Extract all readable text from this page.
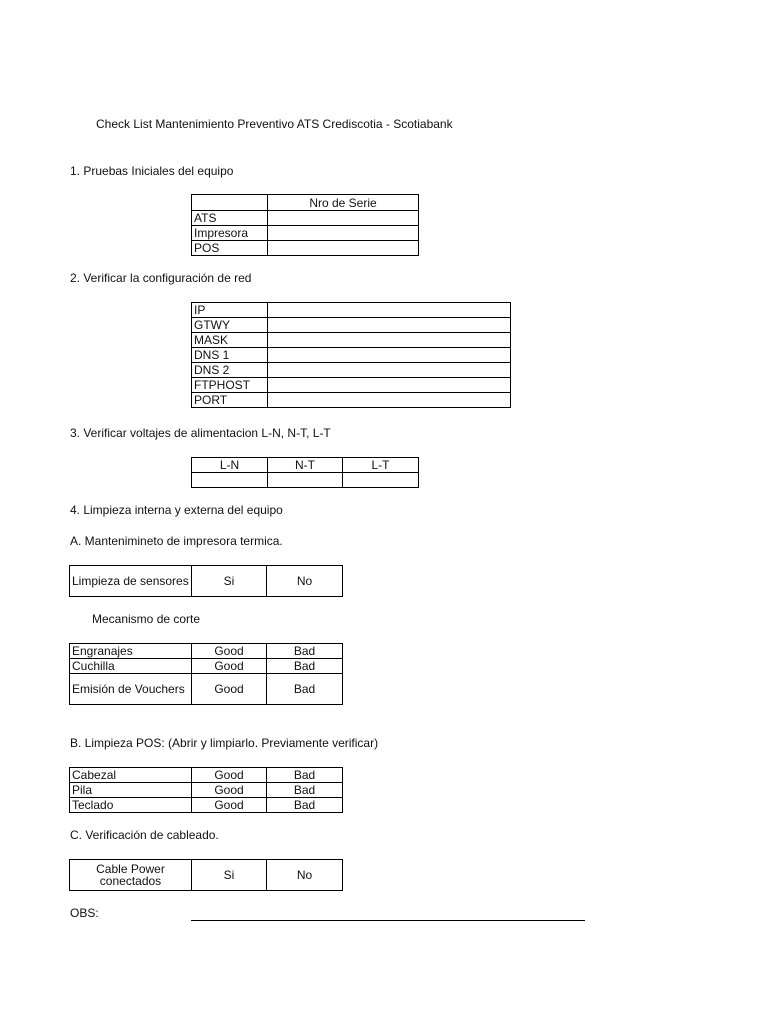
Check List Mantenimiento Preventivo ATS Crediscotia - Scotiabank
1. Pruebas Iniciales del equipo
	Nro de Serie
ATS	
Impresora	
POS	
2. Verificar la configuración de red
IP	
GTWY	
MASK	
DNS 1	
DNS 2	
FTPHOST	
PORT	
3. Verificar voltajes de alimentacion L-N, N-T, L-T
L-N	N-T	L-T

4. Limpieza interna y externa del equipo
A. Mantenimineto de impresora termica.
Limpieza de sensores	Si	No
Mecanismo de corte
Engranajes	Good	Bad
Cuchilla	Good	Bad
Emisión de Vouchers	Good	Bad
B. Limpieza POS: (Abrir y limpiarlo. Previamente verificar)
Cabezal	Good	Bad
Pila	Good	Bad
Teclado	Good	Bad
C. Verificación de cableado.
Cable Power conectados	Si	No
OBS:
